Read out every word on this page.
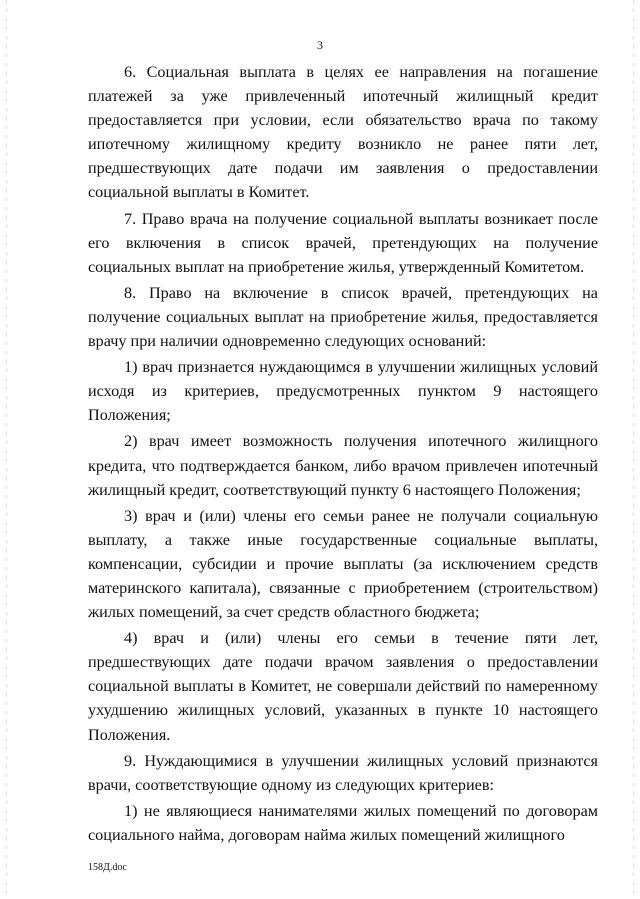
3

6. Социальная выплата в целях ее направления на погашение платежей за уже привлеченный ипотечный жилищный кредит предоставляется при условии, если обязательство врача по такому ипотечному жилищному кредиту возникло не ранее пяти лет, предшествующих дате подачи им заявления о предоставлении социальной выплаты в Комитет.

7. Право врача на получение социальной выплаты возникает после его включения в список врачей, претендующих на получение социальных выплат на приобретение жилья, утвержденный Комитетом.

8. Право на включение в список врачей, претендующих на получение социальных выплат на приобретение жилья, предоставляется врачу при наличии одновременно следующих оснований:

1) врач признается нуждающимся в улучшении жилищных условий исходя из критериев, предусмотренных пунктом 9 настоящего Положения;

2) врач имеет возможность получения ипотечного жилищного кредита, что подтверждается банком, либо врачом привлечен ипотечный жилищный кредит, соответствующий пункту 6 настоящего Положения;

3) врач и (или) члены его семьи ранее не получали социальную выплату, а также иные государственные социальные выплаты, компенсации, субсидии и прочие выплаты (за исключением средств материнского капитала), связанные с приобретением (строительством) жилых помещений, за счет средств областного бюджета;

4) врач и (или) члены его семьи в течение пяти лет, предшествующих дате подачи врачом заявления о предоставлении социальной выплаты в Комитет, не совершали действий по намеренному ухудшению жилищных условий, указанных в пункте 10 настоящего Положения.

9. Нуждающимися в улучшении жилищных условий признаются врачи, соответствующие одному из следующих критериев:

1) не являющиеся нанимателями жилых помещений по договорам социального найма, договорам найма жилых помещений жилищного

158Д.doc
